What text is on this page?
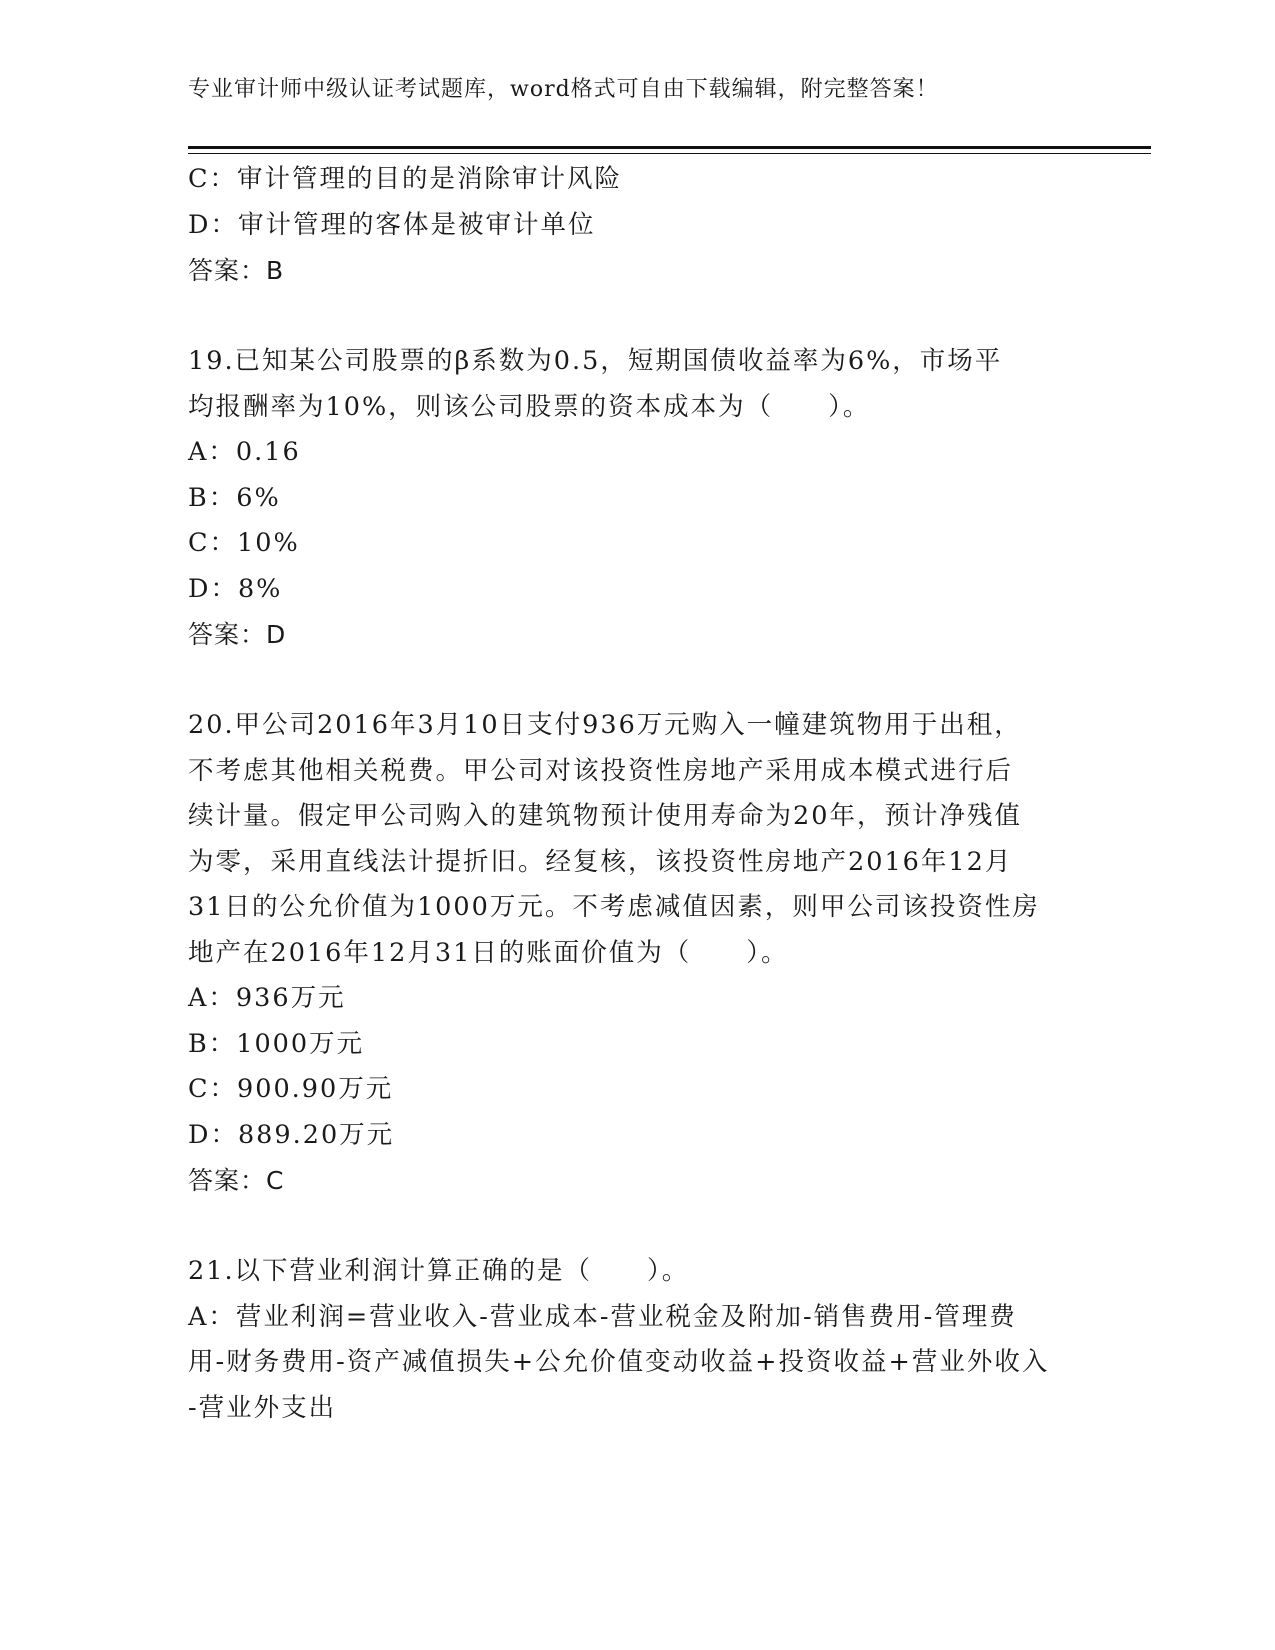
专业审计师中级认证考试题库，word格式可自由下载编辑，附完整答案！
C：审计管理的目的是消除审计风险
D：审计管理的客体是被审计单位
答案：B
19.已知某公司股票的β系数为0.5，短期国债收益率为6%，市场平
均报酬率为10%，则该公司股票的资本成本为（　　）。
A：0.16
B：6%
C：10%
D：8%
答案：D
20.甲公司2016年3月10日支付936万元购入一幢建筑物用于出租，
不考虑其他相关税费。甲公司对该投资性房地产采用成本模式进行后
续计量。假定甲公司购入的建筑物预计使用寿命为20年，预计净残值
为零，采用直线法计提折旧。经复核，该投资性房地产2016年12月
31日的公允价值为1000万元。不考虑减值因素，则甲公司该投资性房
地产在2016年12月31日的账面价值为（　　）。
A：936万元
B：1000万元
C：900.90万元
D：889.20万元
答案：C
21.以下营业利润计算正确的是（　　）。
A：营业利润=营业收入-营业成本-营业税金及附加-销售费用-管理费
用-财务费用-资产减值损失+公允价值变动收益+投资收益+营业外收入
-营业外支出
